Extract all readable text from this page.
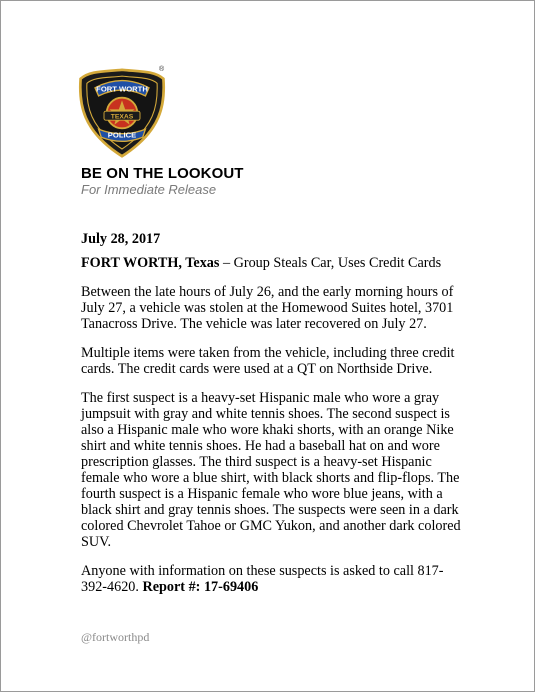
FORT WORTH
TEXAS
POLICE
®
BE ON THE LOOKOUT
For Immediate Release
July 28, 2017
FORT WORTH, Texas – Group Steals Car, Uses Credit Cards
Between the late hours of July 26, and the early morning hours of July 27, a vehicle was stolen at the Homewood Suites hotel, 3701 Tanacross Drive. The vehicle was later recovered on July 27.
Multiple items were taken from the vehicle, including three credit cards. The credit cards were used at a QT on Northside Drive.
The first suspect is a heavy-set Hispanic male who wore a gray jumpsuit with gray and white tennis shoes. The second suspect is also a Hispanic male who wore khaki shorts, with an orange Nike shirt and white tennis shoes. He had a baseball hat on and wore prescription glasses. The third suspect is a heavy-set Hispanic female who wore a blue shirt, with black shorts and flip-flops. The fourth suspect is a Hispanic female who wore blue jeans, with a black shirt and gray tennis shoes. The suspects were seen in a dark colored Chevrolet Tahoe or GMC Yukon, and another dark colored SUV.
Anyone with information on these suspects is asked to call 817-392-4620. Report #: 17-69406
@fortworthpd
